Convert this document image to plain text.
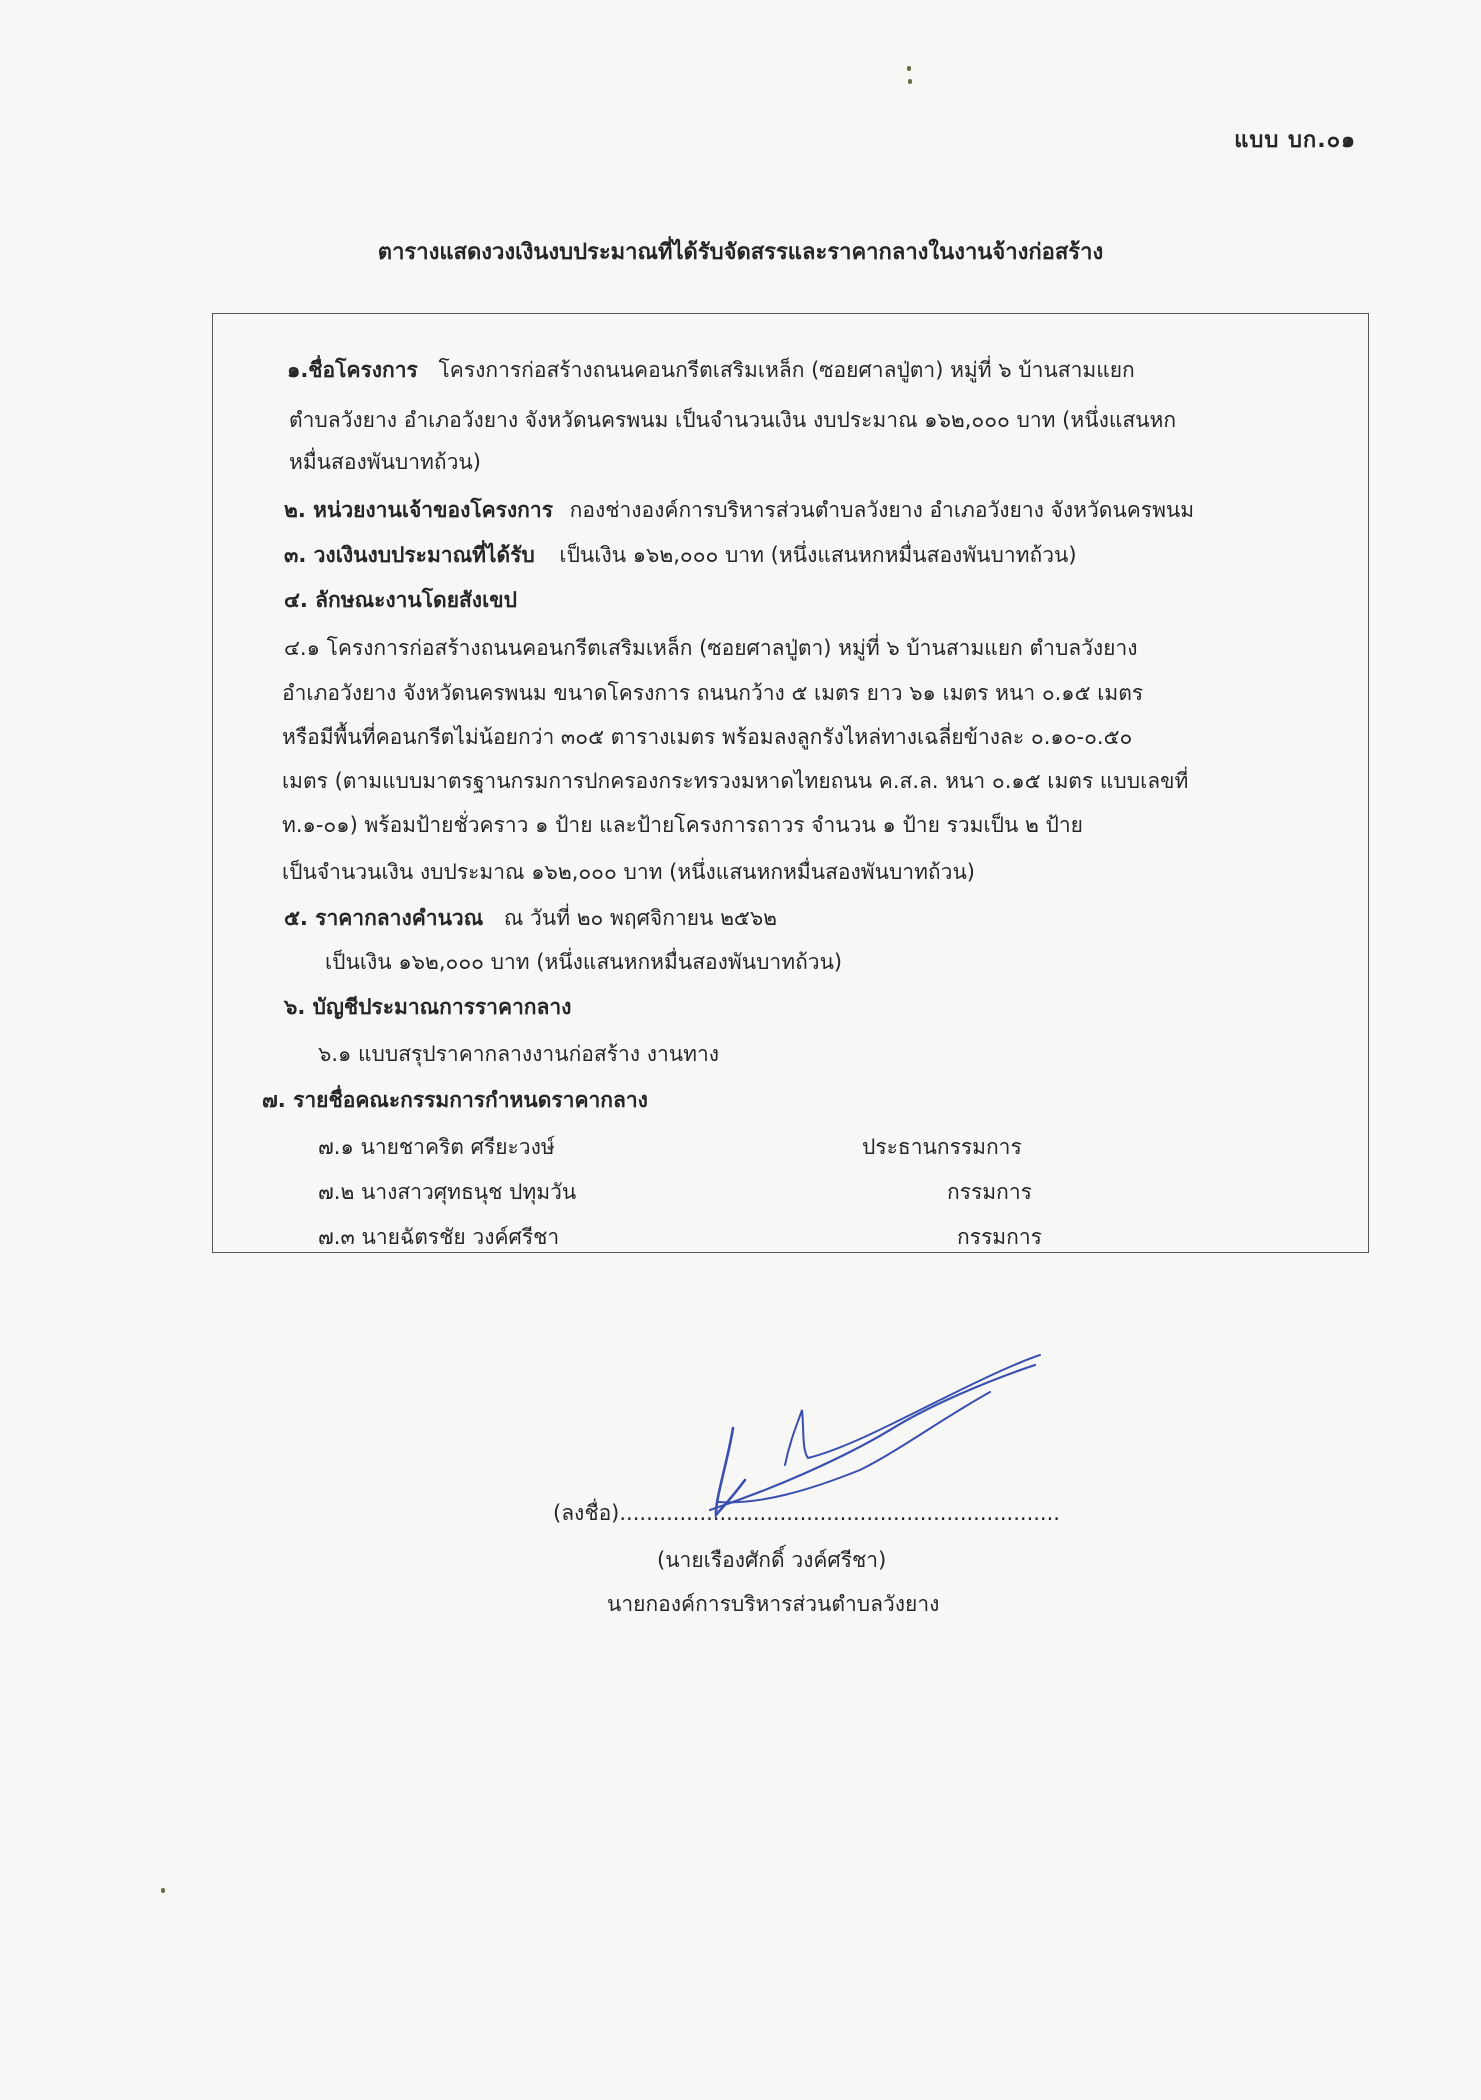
แบบ บก.๐๑
ตารางแสดงวงเงินงบประมาณที่ได้รับจัดสรรและราคากลางในงานจ้างก่อสร้าง
๑.ชื่อโครงการ โครงการก่อสร้างถนนคอนกรีตเสริมเหล็ก (ซอยศาลปู่ตา) หมู่ที่ ๖ บ้านสามแยก
ตำบลวังยาง อำเภอวังยาง จังหวัดนครพนม เป็นจำนวนเงิน งบประมาณ ๑๖๒,๐๐๐ บาท (หนึ่งแสนหก
หมื่นสองพันบาทถ้วน)
๒. หน่วยงานเจ้าของโครงการ กองช่างองค์การบริหารส่วนตำบลวังยาง อำเภอวังยาง จังหวัดนครพนม
๓. วงเงินงบประมาณที่ได้รับ เป็นเงิน ๑๖๒,๐๐๐ บาท (หนึ่งแสนหกหมื่นสองพันบาทถ้วน)
๔. ลักษณะงานโดยสังเขป
๔.๑ โครงการก่อสร้างถนนคอนกรีตเสริมเหล็ก (ซอยศาลปู่ตา) หมู่ที่ ๖ บ้านสามแยก ตำบลวังยาง
อำเภอวังยาง จังหวัดนครพนม ขนาดโครงการ ถนนกว้าง ๕ เมตร ยาว ๖๑ เมตร หนา ๐.๑๕ เมตร
หรือมีพื้นที่คอนกรีตไม่น้อยกว่า ๓๐๕ ตารางเมตร พร้อมลงลูกรังไหล่ทางเฉลี่ยข้างละ ๐.๑๐-๐.๕๐
เมตร (ตามแบบมาตรฐานกรมการปกครองกระทรวงมหาดไทยถนน ค.ส.ล. หนา ๐.๑๕ เมตร แบบเลขที่
ท.๑-๐๑) พร้อมป้ายชั่วคราว ๑ ป้าย และป้ายโครงการถาวร จำนวน ๑ ป้าย รวมเป็น ๒ ป้าย
เป็นจำนวนเงิน งบประมาณ ๑๖๒,๐๐๐ บาท (หนึ่งแสนหกหมื่นสองพันบาทถ้วน)
๕. ราคากลางคำนวณ ณ วันที่ ๒๐ พฤศจิกายน ๒๕๖๒
เป็นเงิน ๑๖๒,๐๐๐ บาท (หนึ่งแสนหกหมื่นสองพันบาทถ้วน)
๖. บัญชีประมาณการราคากลาง
๖.๑ แบบสรุปราคากลางงานก่อสร้าง งานทาง
๗. รายชื่อคณะกรรมการกำหนดราคากลาง
๗.๑ นายชาคริต ศรียะวงษ์	ประธานกรรมการ
๗.๒ นางสาวศุทธนุช ปทุมวัน	กรรมการ
๗.๓ นายฉัตรชัย วงค์ศรีชา	กรรมการ
(ลงชื่อ)..................................................................
(นายเรืองศักดิ์ วงค์ศรีชา)
นายกองค์การบริหารส่วนตำบลวังยาง
